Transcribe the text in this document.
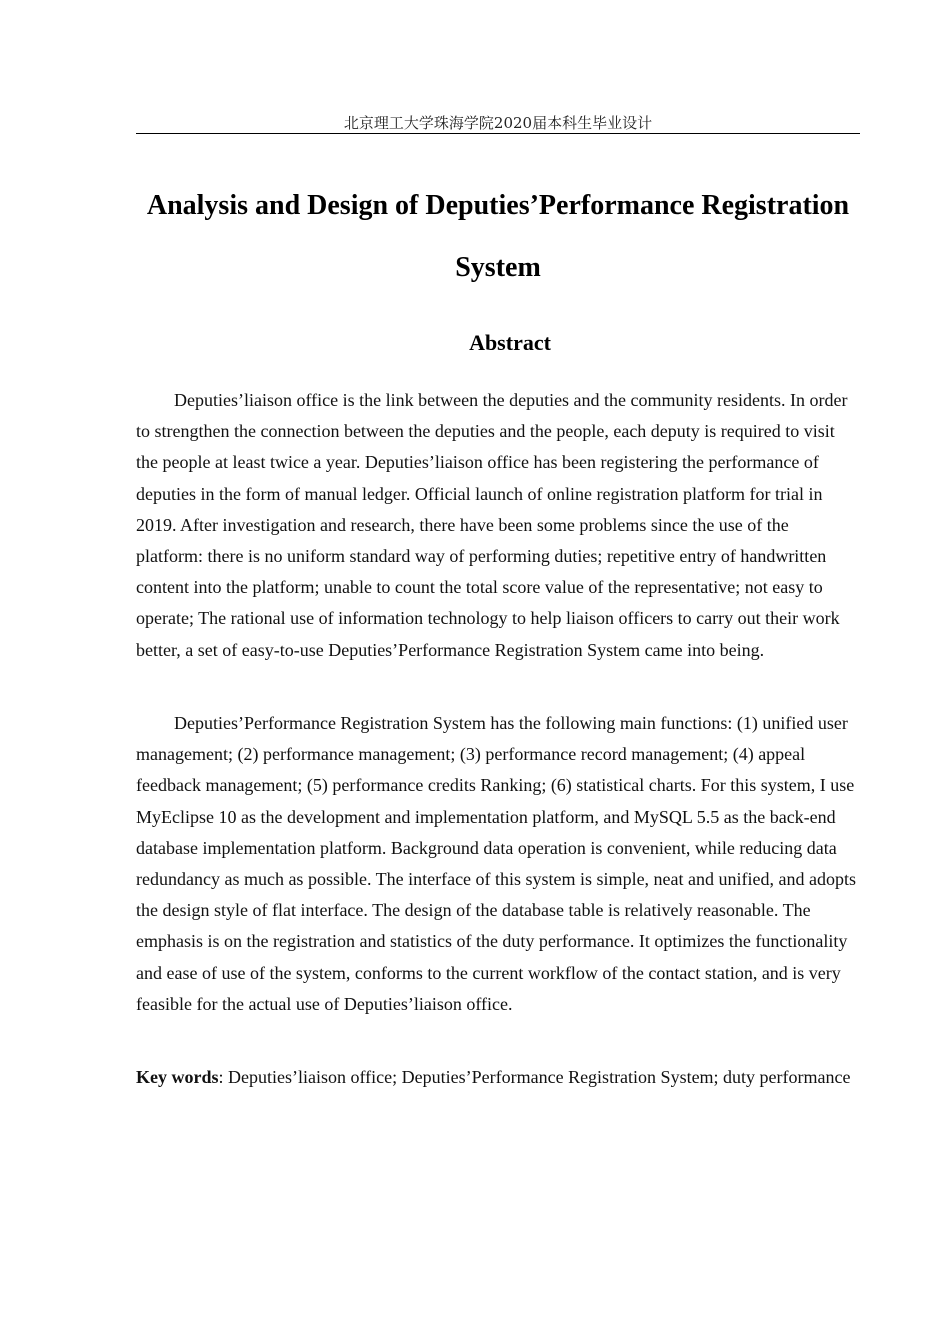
北京理工大学珠海学院2020届本科生毕业设计
Analysis and Design of Deputies’Performance Registration System
Abstract

Deputies’liaison office is the link between the deputies and the community residents. In order to strengthen the connection between the deputies and the people, each deputy is required to visit the people at least twice a year. Deputies’liaison office has been registering the performance of deputies in the form of manual ledger. Official launch of online registration platform for trial in 2019. After investigation and research, there have been some problems since the use of the platform: there is no uniform standard way of performing duties; repetitive entry of handwritten content into the platform; unable to count the total score value of the representative; not easy to operate; The rational use of information technology to help liaison officers to carry out their work better, a set of easy-to-use Deputies’Performance Registration System came into being.

Deputies’Performance Registration System has the following main functions: (1) unified user management; (2) performance management; (3) performance record management; (4) appeal feedback management; (5) performance credits Ranking; (6) statistical charts. For this system, I use MyEclipse 10 as the development and implementation platform, and MySQL 5.5 as the back-end database implementation platform. Background data operation is convenient, while reducing data redundancy as much as possible. The interface of this system is simple, neat and unified, and adopts the design style of flat interface. The design of the database table is relatively reasonable. The emphasis is on the registration and statistics of the duty performance. It optimizes the functionality and ease of use of the system, conforms to the current workflow of the contact station, and is very feasible for the actual use of Deputies’liaison office.

Key words: Deputies’liaison office; Deputies’Performance Registration System; duty performance
